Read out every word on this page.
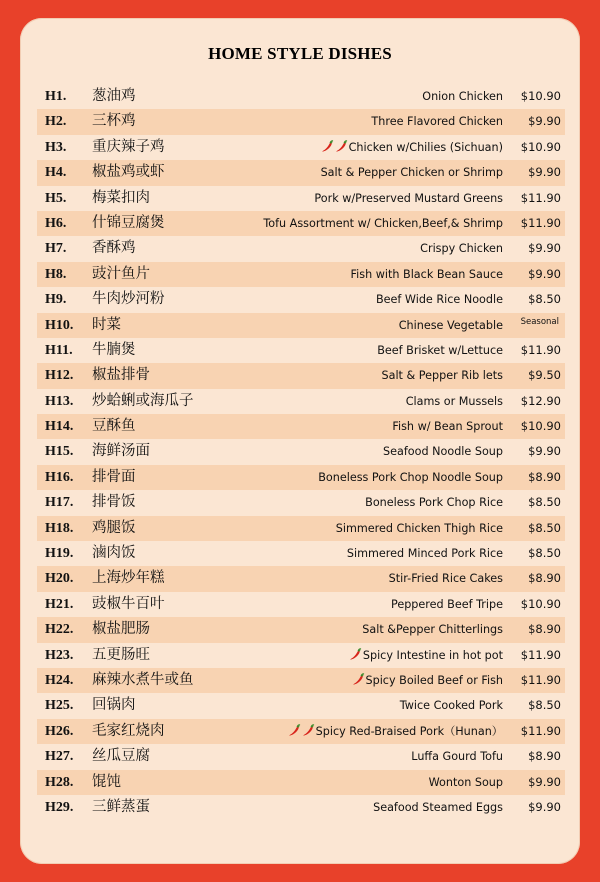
HOME STYLE DISHES
H1. 葱油鸡	Onion Chicken $10.90
H2. 三杯鸡	Three Flavored Chicken $9.90
H3. 重庆辣子鸡	Chicken w/Chilies (Sichuan) $10.90
H4. 椒盐鸡或虾	Salt & Pepper Chicken or Shrimp $9.90
H5. 梅菜扣肉	Pork w/Preserved Mustard Greens $11.90
H6. 什锦豆腐煲	Tofu Assortment w/ Chicken,Beef,& Shrimp $11.90
H7. 香酥鸡	Crispy Chicken $9.90
H8. 豉汁鱼片	Fish with Black Bean Sauce $9.90
H9. 牛肉炒河粉	Beef Wide Rice Noodle $8.50
H10. 时菜	Chinese Vegetable Seasonal
H11. 牛腩煲	Beef Brisket w/Lettuce $11.90
H12. 椒盐排骨	Salt & Pepper Rib lets $9.50
H13. 炒蛤蜊或海瓜子	Clams or Mussels $12.90
H14. 豆酥鱼	Fish w/ Bean Sprout $10.90
H15. 海鲜汤面	Seafood Noodle Soup $9.90
H16. 排骨面	Boneless Pork Chop Noodle Soup $8.90
H17. 排骨饭	Boneless Pork Chop Rice $8.50
H18. 鸡腿饭	Simmered Chicken Thigh Rice $8.50
H19. 滷肉饭	Simmered Minced Pork Rice $8.50
H20. 上海炒年糕	Stir-Fried Rice Cakes $8.90
H21. 豉椒牛百叶	Peppered Beef Tripe $10.90
H22. 椒盐肥肠	Salt &Pepper Chitterlings $8.90
H23. 五更肠旺	Spicy Intestine in hot pot $11.90
H24. 麻辣水煮牛或鱼	Spicy Boiled Beef or Fish $11.90
H25. 回锅肉	Twice Cooked Pork $8.50
H26. 毛家红烧肉	Spicy Red-Braised Pork（Hunan） $11.90
H27. 丝瓜豆腐	Luffa Gourd Tofu $8.90
H28. 馄饨	Wonton Soup $9.90
H29. 三鲜蒸蛋	Seafood Steamed Eggs $9.90
